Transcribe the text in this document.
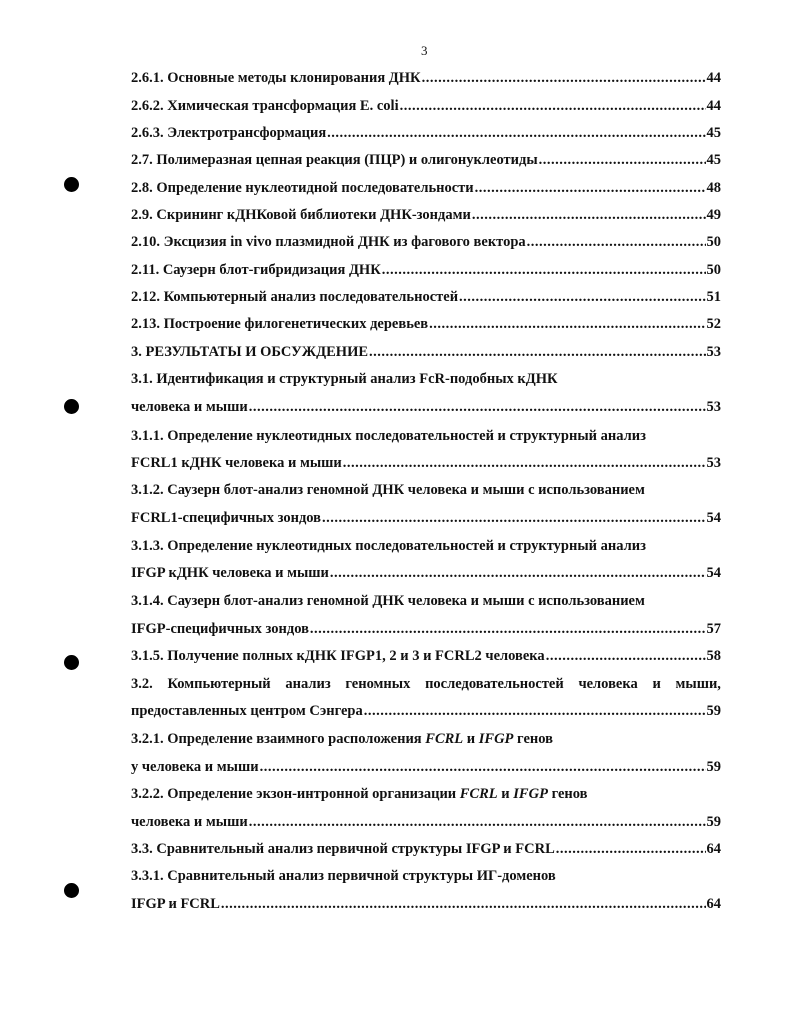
3
2.6.1. Основные методы клонирования ДНК .....	44
2.6.2. Химическая трансформация E. coli .....	44
2.6.3. Электротрансформация .....	45
2.7. Полимеразная цепная реакция (ПЦР) и олигонуклеотиды .....	45
2.8. Определение нуклеотидной последовательности .....	48
2.9. Скрининг кДНКовой библиотеки ДНК-зондами .....	49
2.10. Эксцизия in vivo плазмидной ДНК из фагового вектора .....	50
2.11. Саузерн блот-гибридизация ДНК .....	50
2.12. Компьютерный анализ последовательностей .....	51
2.13. Построение филогенетических деревьев .....	52
3. РЕЗУЛЬТАТЫ И ОБСУЖДЕНИЕ .....	53
3.1. Идентификация и структурный анализ FcR-подобных кДНК
человека и мыши .....	53
3.1.1. Определение нуклеотидных последовательностей и структурный анализ
FCRL1 кДНК человека и мыши .....	53
3.1.2. Саузерн блот-анализ геномной ДНК человека и мыши с использованием
FCRL1-специфичных зондов .....	54
3.1.3. Определение нуклеотидных последовательностей и структурный анализ
IFGP кДНК человека и мыши .....	54
3.1.4. Саузерн блот-анализ геномной ДНК человека и мыши с использованием
IFGP-специфичных зондов .....	57
3.1.5. Получение полных кДНК IFGP1, 2 и 3 и FCRL2 человека .....	58
3.2. Компьютерный анализ геномных последовательностей человека и мыши,
предоставленных центром Сэнгера .....	59
3.2.1. Определение взаимного расположения FCRL и IFGP генов
у человека и мыши .....	59
3.2.2. Определение экзон-интронной организации FCRL и IFGP генов
человека и мыши .....	59
3.3. Сравнительный анализ первичной структуры IFGP и FCRL .....	64
3.3.1. Сравнительный анализ первичной структуры ИГ-доменов
IFGP и FCRL .....	64
